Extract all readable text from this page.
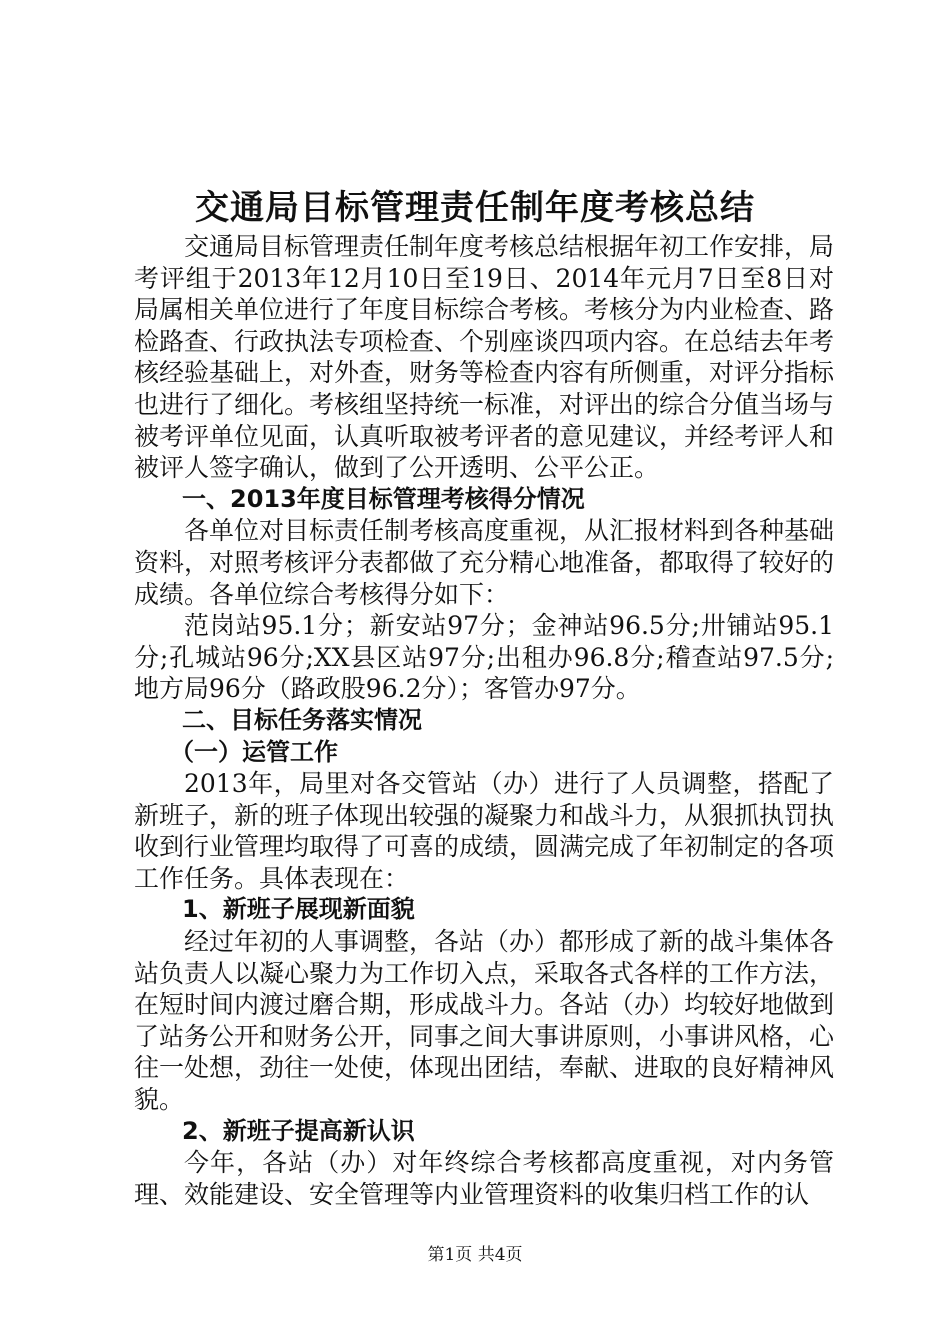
交通局目标管理责任制年度考核总结

交通局目标管理责任制年度考核总结根据年初工作安排，局考评组于2013年12月10日至19日、2014年元月7日至8日对局属相关单位进行了年度目标综合考核。考核分为内业检查、路检路查、行政执法专项检查、个别座谈四项内容。在总结去年考核经验基础上，对外查，财务等检查内容有所侧重，对评分指标也进行了细化。考核组坚持统一标准，对评出的综合分值当场与被考评单位见面，认真听取被考评者的意见建议，并经考评人和被评人签字确认，做到了公开透明、公平公正。

一、2013年度目标管理考核得分情况

各单位对目标责任制考核高度重视，从汇报材料到各种基础资料，对照考核评分表都做了充分精心地准备，都取得了较好的成绩。各单位综合考核得分如下：

范岗站95.1分；新安站97分；金神站96.5分;卅铺站95.1分;孔城站96分;XX县区站97分;出租办96.8分;稽查站97.5分;地方局96分（路政股96.2分）；客管办97分。

二、目标任务落实情况

（一）运管工作

2013年，局里对各交管站（办）进行了人员调整，搭配了新班子，新的班子体现出较强的凝聚力和战斗力，从狠抓执罚执收到行业管理均取得了可喜的成绩，圆满完成了年初制定的各项工作任务。具体表现在：

1、新班子展现新面貌

经过年初的人事调整，各站（办）都形成了新的战斗集体各站负责人以凝心聚力为工作切入点，采取各式各样的工作方法，在短时间内渡过磨合期，形成战斗力。各站（办）均较好地做到了站务公开和财务公开，同事之间大事讲原则，小事讲风格，心往一处想，劲往一处使，体现出团结，奉献、进取的良好精神风貌。

2、新班子提高新认识

今年，各站（办）对年终综合考核都高度重视，对内务管理、效能建设、安全管理等内业管理资料的收集归档工作的认

第1页 共4页
